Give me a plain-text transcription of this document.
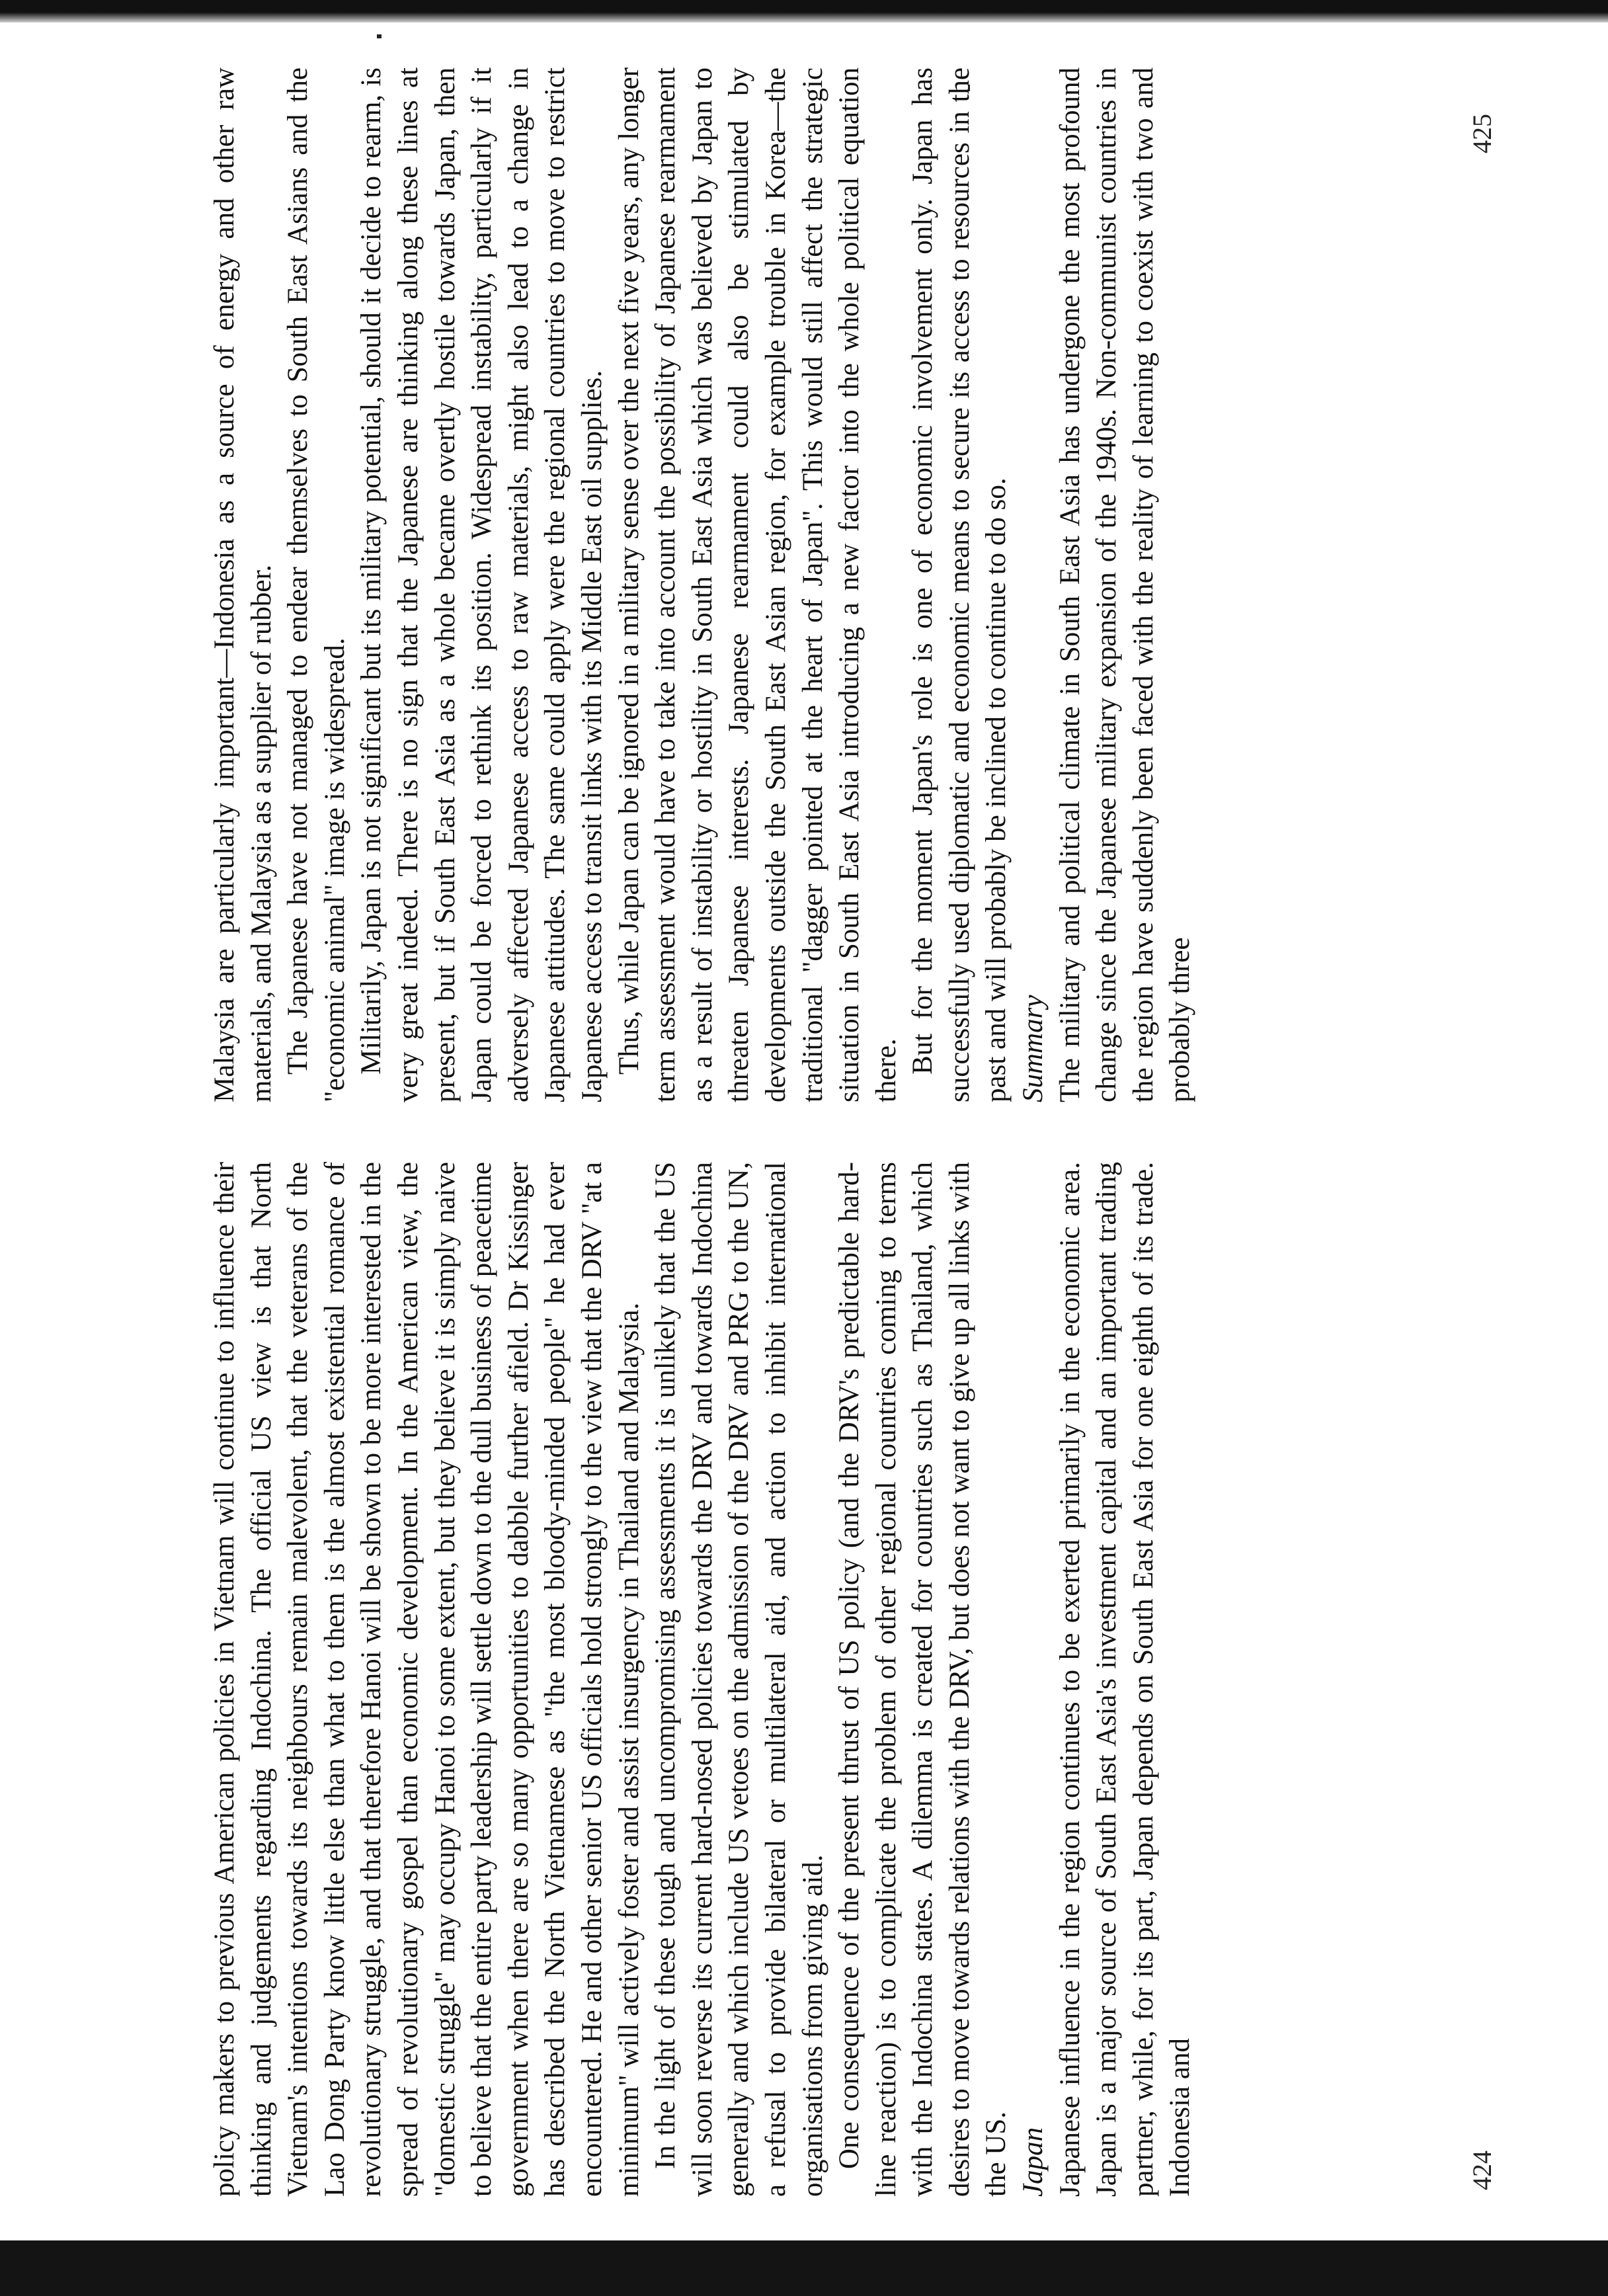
policy makers to previous American policies in Vietnam will continue to influence their thinking and judgements regarding Indochina. The official US view is that North Vietnam's intentions towards its neighbours remain malevolent, that the veterans of the Lao Dong Party know little else than what to them is the almost existential romance of revolutionary struggle, and that therefore Hanoi will be shown to be more interested in the spread of revolutionary gospel than economic development. In the American view, the "domestic struggle" may occupy Hanoi to some extent, but they believe it is simply naive to believe that the entire party leadership will settle down to the dull business of peacetime government when there are so many opportunities to dabble further afield. Dr Kissinger has described the North Vietnamese as "the most bloody-minded people" he had ever encountered. He and other senior US officials hold strongly to the view that the DRV "at a minimum" will actively foster and assist insurgency in Thailand and Malaysia. In the light of these tough and uncompromising assessments it is unlikely that the US will soon reverse its current hard-nosed policies towards the DRV and towards Indochina generally and which include US vetoes on the admission of the DRV and PRG to the UN, a refusal to provide bilateral or multilateral aid, and action to inhibit international organisations from giving aid. One consequence of the present thrust of US policy (and the DRV's predictable hard-line reaction) is to complicate the problem of other regional countries coming to terms with the Indochina states. A dilemma is created for countries such as Thailand, which desires to move towards relations with the DRV, but does not want to give up all links with the US. Japan Japanese influence in the region continues to be exerted primarily in the economic area. Japan is a major source of South East Asia's investment capital and an important trading partner, while, for its part, Japan depends on South East Asia for one eighth of its trade. Indonesia and	424

Malaysia are particularly important—Indonesia as a source of energy and other raw materials, and Malaysia as a supplier of rubber. The Japanese have not managed to endear themselves to South East Asians and the "economic animal" image is widespread. Militarily, Japan is not significant but its military potential, should it decide to rearm, is very great indeed. There is no sign that the Japanese are thinking along these lines at present, but if South East Asia as a whole became overtly hostile towards Japan, then Japan could be forced to rethink its position. Widespread instability, particularly if it adversely affected Japanese access to raw materials, might also lead to a change in Japanese attitudes. The same could apply were the regional countries to move to restrict Japanese access to transit links with its Middle East oil supplies. Thus, while Japan can be ignored in a military sense over the next five years, any longer term assessment would have to take into account the possibility of Japanese rearmament as a result of instability or hostility in South East Asia which was believed by Japan to threaten Japanese interests. Japanese rearmament could also be stimulated by developments outside the South East Asian region, for example trouble in Korea—the traditional "dagger pointed at the heart of Japan". This would still affect the strategic situation in South East Asia introducing a new factor into the whole political equation there. But for the moment Japan's role is one of economic involvement only. Japan has successfully used diplomatic and economic means to secure its access to resources in the past and will probably be inclined to continue to do so. Summary The military and political climate in South East Asia has undergone the most profound change since the Japanese military expansion of the 1940s. Non-communist countries in the region have suddenly been faced with the reality of learning to coexist with two and probably three

425
